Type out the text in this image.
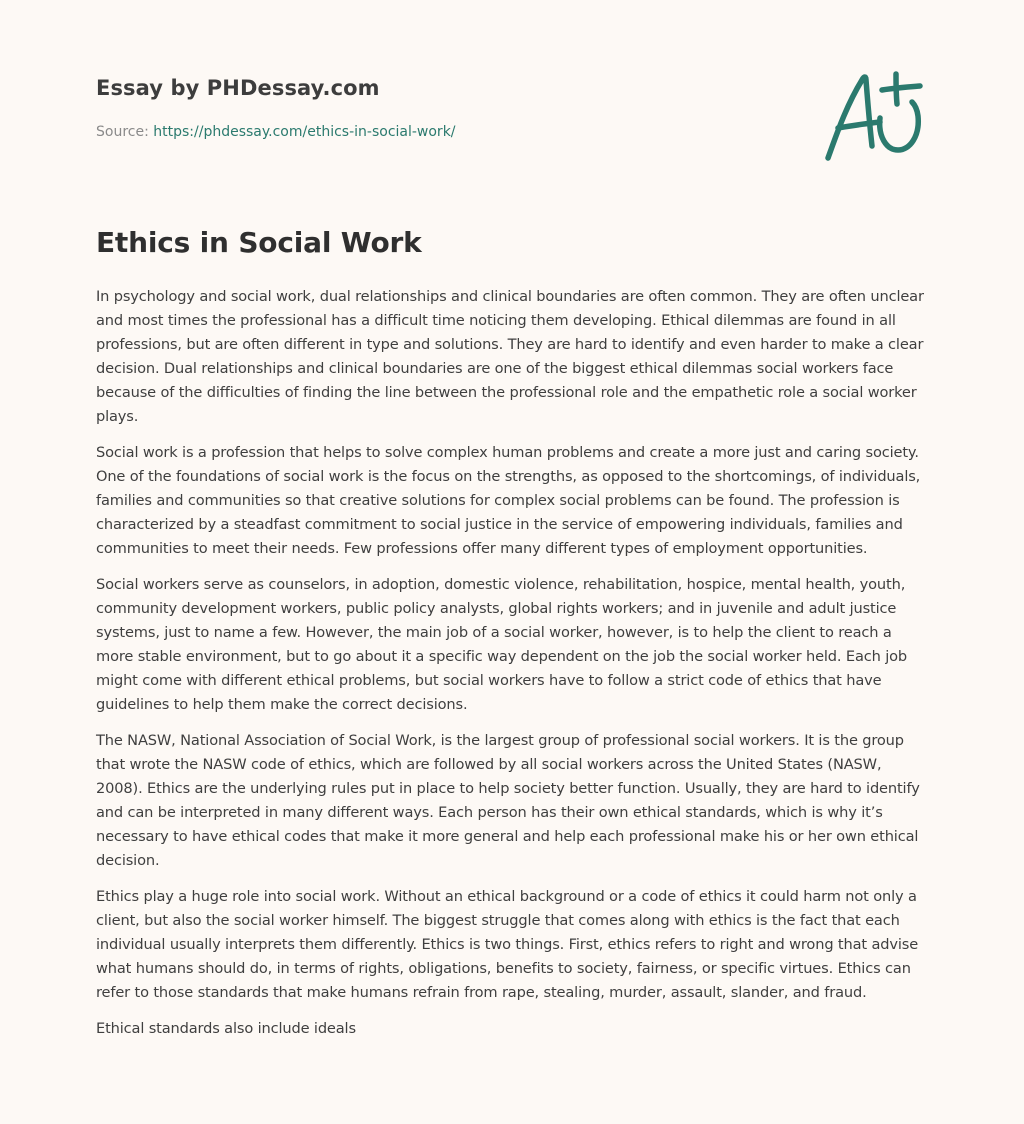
Essay by PHDessay.com
Source: https://phdessay.com/ethics-in-social-work/
Ethics in Social Work

In psychology and social work, dual relationships and clinical boundaries are often common. They are often unclear and most times the professional has a difficult time noticing them developing. Ethical dilemmas are found in all professions, but are often different in type and solutions. They are hard to identify and even harder to make a clear decision. Dual relationships and clinical boundaries are one of the biggest ethical dilemmas social workers face because of the difficulties of finding the line between the professional role and the empathetic role a social worker plays.

Social work is a profession that helps to solve complex human problems and create a more just and caring society. One of the foundations of social work is the focus on the strengths, as opposed to the shortcomings, of individuals, families and communities so that creative solutions for complex social problems can be found. The profession is characterized by a steadfast commitment to social justice in the service of empowering individuals, families and communities to meet their needs. Few professions offer many different types of employment opportunities.

Social workers serve as counselors, in adoption, domestic violence, rehabilitation, hospice, mental health, youth, community development workers, public policy analysts, global rights workers; and in juvenile and adult justice systems, just to name a few. However, the main job of a social worker, however, is to help the client to reach a more stable environment, but to go about it a specific way dependent on the job the social worker held. Each job might come with different ethical problems, but social workers have to follow a strict code of ethics that have guidelines to help them make the correct decisions.

The NASW, National Association of Social Work, is the largest group of professional social workers. It is the group that wrote the NASW code of ethics, which are followed by all social workers across the United States (NASW, 2008). Ethics are the underlying rules put in place to help society better function. Usually, they are hard to identify and can be interpreted in many different ways. Each person has their own ethical standards, which is why it’s necessary to have ethical codes that make it more general and help each professional make his or her own ethical decision.

Ethics play a huge role into social work. Without an ethical background or a code of ethics it could harm not only a client, but also the social worker himself. The biggest struggle that comes along with ethics is the fact that each individual usually interprets them differently. Ethics is two things. First, ethics refers to right and wrong that advise what humans should do, in terms of rights, obligations, benefits to society, fairness, or specific virtues. Ethics can refer to those standards that make humans refrain from rape, stealing, murder, assault, slander, and fraud.

Ethical standards also include ideals
